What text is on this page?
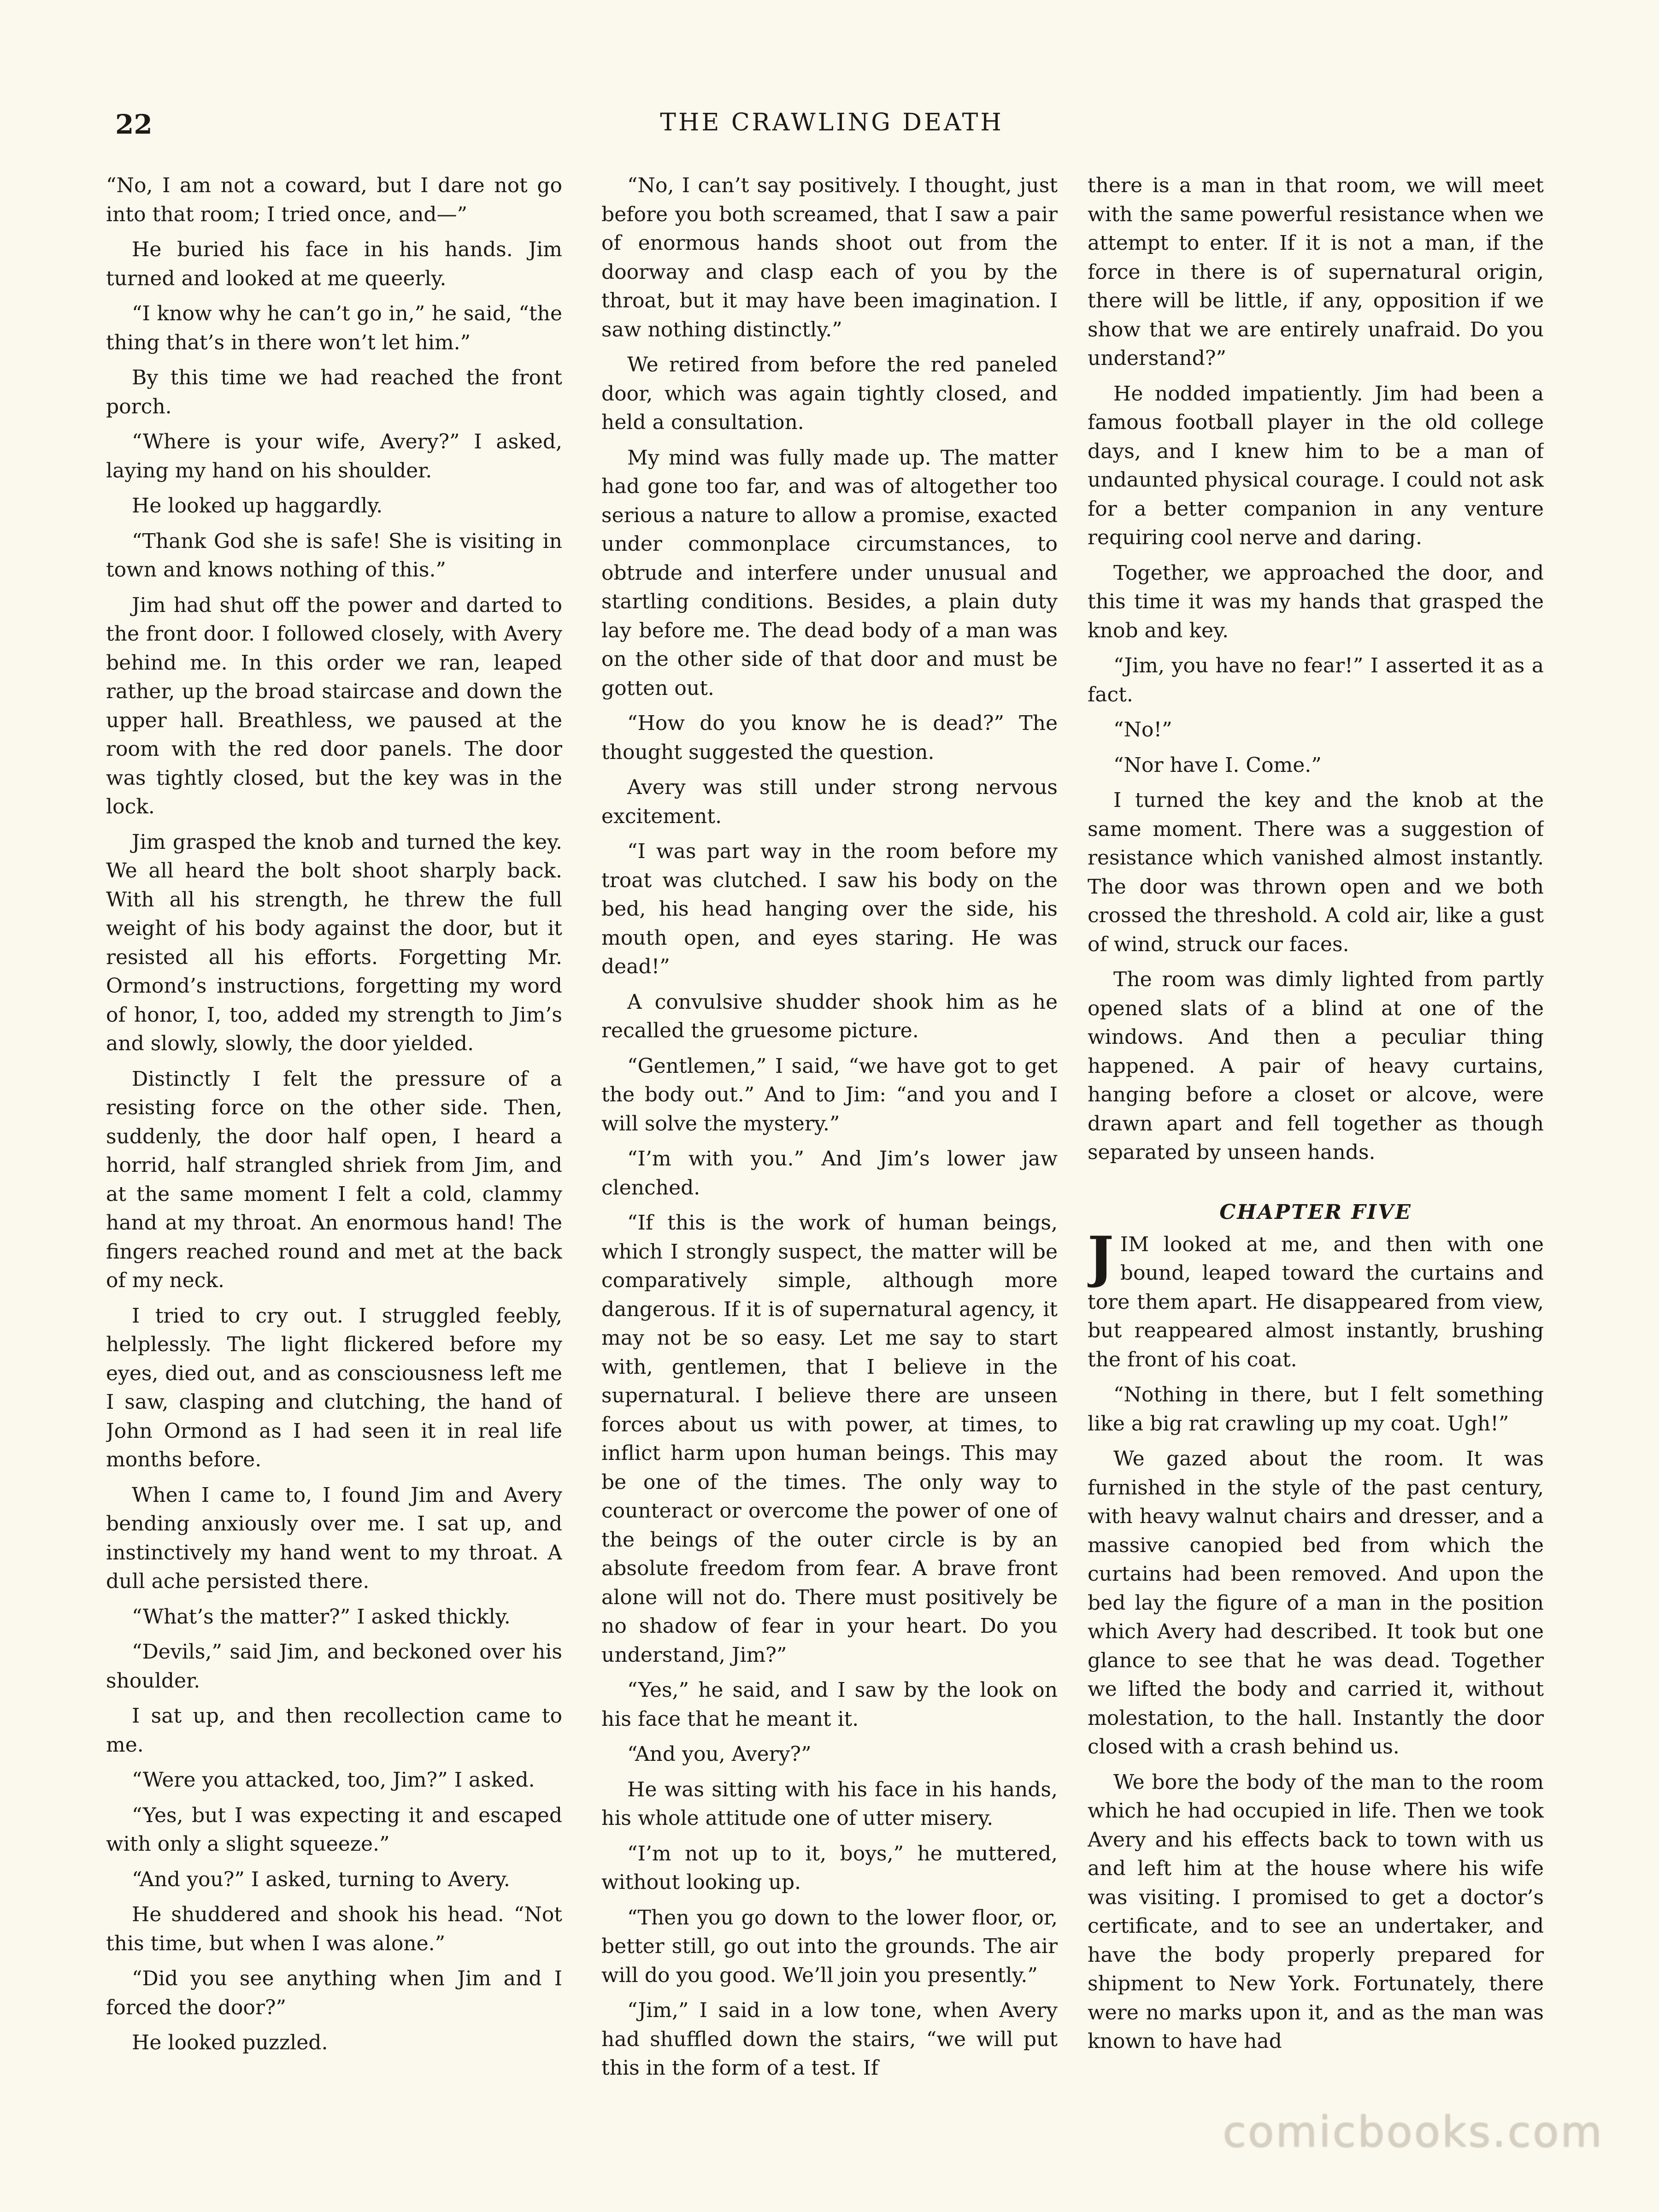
22	THE CRAWLING DEATH

“No, I am not a coward, but I dare not go into that room; I tried once, and—”

He buried his face in his hands. Jim turned and looked at me queerly.

“I know why he can’t go in,” he said, “the thing that’s in there won’t let him.”

By this time we had reached the front porch.

“Where is your wife, Avery?” I asked, laying my hand on his shoulder.

He looked up haggardly.

“Thank God she is safe! She is visiting in town and knows nothing of this.”

Jim had shut off the power and darted to the front door. I followed closely, with Avery behind me. In this order we ran, leaped rather, up the broad staircase and down the upper hall. Breathless, we paused at the room with the red door panels. The door was tightly closed, but the key was in the lock.

Jim grasped the knob and turned the key. We all heard the bolt shoot sharply back. With all his strength, he threw the full weight of his body against the door, but it resisted all his efforts. Forgetting Mr. Ormond’s instructions, forgetting my word of honor, I, too, added my strength to Jim’s and slowly, slowly, the door yielded.

Distinctly I felt the pressure of a resisting force on the other side. Then, suddenly, the door half open, I heard a horrid, half strangled shriek from Jim, and at the same moment I felt a cold, clammy hand at my throat. An enormous hand! The fingers reached round and met at the back of my neck.

I tried to cry out. I struggled feebly, helplessly. The light flickered before my eyes, died out, and as consciousness left me I saw, clasping and clutching, the hand of John Ormond as I had seen it in real life months before.

When I came to, I found Jim and Avery bending anxiously over me. I sat up, and instinctively my hand went to my throat. A dull ache persisted there.

“What’s the matter?” I asked thickly.

“Devils,” said Jim, and beckoned over his shoulder.

I sat up, and then recollection came to me.

“Were you attacked, too, Jim?” I asked.

“Yes, but I was expecting it and escaped with only a slight squeeze.”

“And you?” I asked, turning to Avery.

He shuddered and shook his head. “Not this time, but when I was alone.”

“Did you see anything when Jim and I forced the door?”

He looked puzzled.

“No, I can’t say positively. I thought, just before you both screamed, that I saw a pair of enormous hands shoot out from the doorway and clasp each of you by the throat, but it may have been imagination. I saw nothing distinctly.”

We retired from before the red paneled door, which was again tightly closed, and held a consultation.

My mind was fully made up. The matter had gone too far, and was of altogether too serious a nature to allow a promise, exacted under commonplace circumstances, to obtrude and interfere under unusual and startling conditions. Besides, a plain duty lay before me. The dead body of a man was on the other side of that door and must be gotten out.

“How do you know he is dead?” The thought suggested the question.

Avery was still under strong nervous excitement.

“I was part way in the room before my troat was clutched. I saw his body on the bed, his head hanging over the side, his mouth open, and eyes staring. He was dead!”

A convulsive shudder shook him as he recalled the gruesome picture.

“Gentlemen,” I said, “we have got to get the body out.” And to Jim: “and you and I will solve the mystery.”

“I’m with you.” And Jim’s lower jaw clenched.

“If this is the work of human beings, which I strongly suspect, the matter will be comparatively simple, although more dangerous. If it is of supernatural agency, it may not be so easy. Let me say to start with, gentlemen, that I believe in the supernatural. I believe there are unseen forces about us with power, at times, to inflict harm upon human beings. This may be one of the times. The only way to counteract or overcome the power of one of the beings of the outer circle is by an absolute freedom from fear. A brave front alone will not do. There must positively be no shadow of fear in your heart. Do you understand, Jim?”

“Yes,” he said, and I saw by the look on his face that he meant it.

“And you, Avery?”

He was sitting with his face in his hands, his whole attitude one of utter misery.

“I’m not up to it, boys,” he muttered, without looking up.

“Then you go down to the lower floor, or, better still, go out into the grounds. The air will do you good. We’ll join you presently.”

“Jim,” I said in a low tone, when Avery had shuffled down the stairs, “we will put this in the form of a test. If

there is a man in that room, we will meet with the same powerful resistance when we attempt to enter. If it is not a man, if the force in there is of supernatural origin, there will be little, if any, opposition if we show that we are entirely unafraid. Do you understand?”

He nodded impatiently. Jim had been a famous football player in the old college days, and I knew him to be a man of undaunted physical courage. I could not ask for a better companion in any venture requiring cool nerve and daring.

Together, we approached the door, and this time it was my hands that grasped the knob and key.

“Jim, you have no fear!” I asserted it as a fact.

“No!”

“Nor have I. Come.”

I turned the key and the knob at the same moment. There was a suggestion of resistance which vanished almost instantly. The door was thrown open and we both crossed the threshold. A cold air, like a gust of wind, struck our faces.

The room was dimly lighted from partly opened slats of a blind at one of the windows. And then a peculiar thing happened. A pair of heavy curtains, hanging before a closet or alcove, were drawn apart and fell together as though separated by unseen hands.

CHAPTER FIVE

JIM looked at me, and then with one bound, leaped toward the curtains and tore them apart. He disappeared from view, but reappeared almost instantly, brushing the front of his coat.

“Nothing in there, but I felt something like a big rat crawling up my coat. Ugh!”

We gazed about the room. It was furnished in the style of the past century, with heavy walnut chairs and dresser, and a massive canopied bed from which the curtains had been removed. And upon the bed lay the figure of a man in the position which Avery had described. It took but one glance to see that he was dead. Together we lifted the body and carried it, without molestation, to the hall. Instantly the door closed with a crash behind us.

We bore the body of the man to the room which he had occupied in life. Then we took Avery and his effects back to town with us and left him at the house where his wife was visiting. I promised to get a doctor’s certificate, and to see an undertaker, and have the body properly prepared for shipment to New York. Fortunately, there were no marks upon it, and as the man was known to have had

comicbooks.com
